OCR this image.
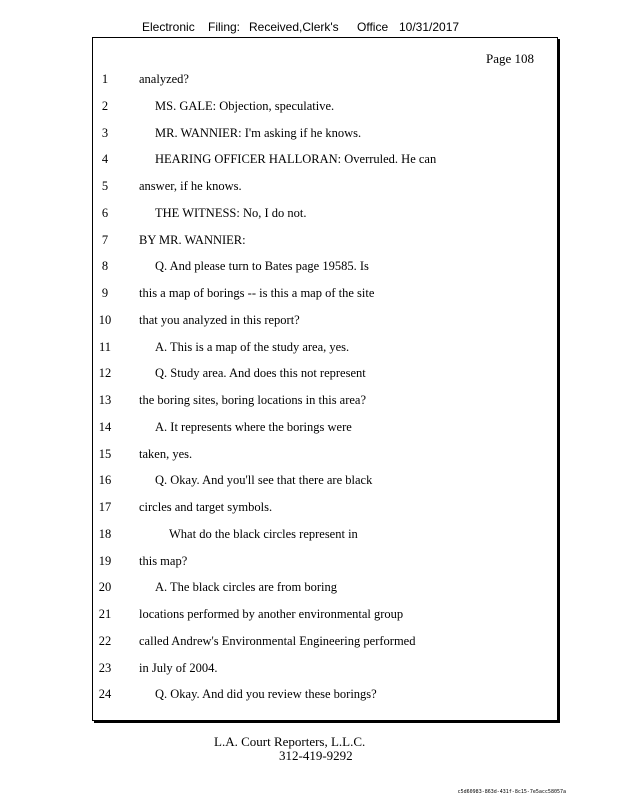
Electronic Filing: Received,Clerk's Office 10/31/2017
Page 108
1	analyzed?
2	MS. GALE: Objection, speculative.
3	MR. WANNIER: I'm asking if he knows.
4	HEARING OFFICER HALLORAN: Overruled. He can
5	answer, if he knows.
6	THE WITNESS: No, I do not.
7	BY MR. WANNIER:
8	Q. And please turn to Bates page 19585. Is
9	this a map of borings -- is this a map of the site
10	that you analyzed in this report?
11	A. This is a map of the study area, yes.
12	Q. Study area. And does this not represent
13	the boring sites, boring locations in this area?
14	A. It represents where the borings were
15	taken, yes.
16	Q. Okay. And you'll see that there are black
17	circles and target symbols.
18	What do the black circles represent in
19	this map?
20	A. The black circles are from boring
21	locations performed by another environmental group
22	called Andrew's Environmental Engineering performed
23	in July of 2004.
24	Q. Okay. And did you review these borings?
L.A. Court Reporters, L.L.C.
312-419-9292
c5d60983-863d-431f-8c15-7e5acc58057a
